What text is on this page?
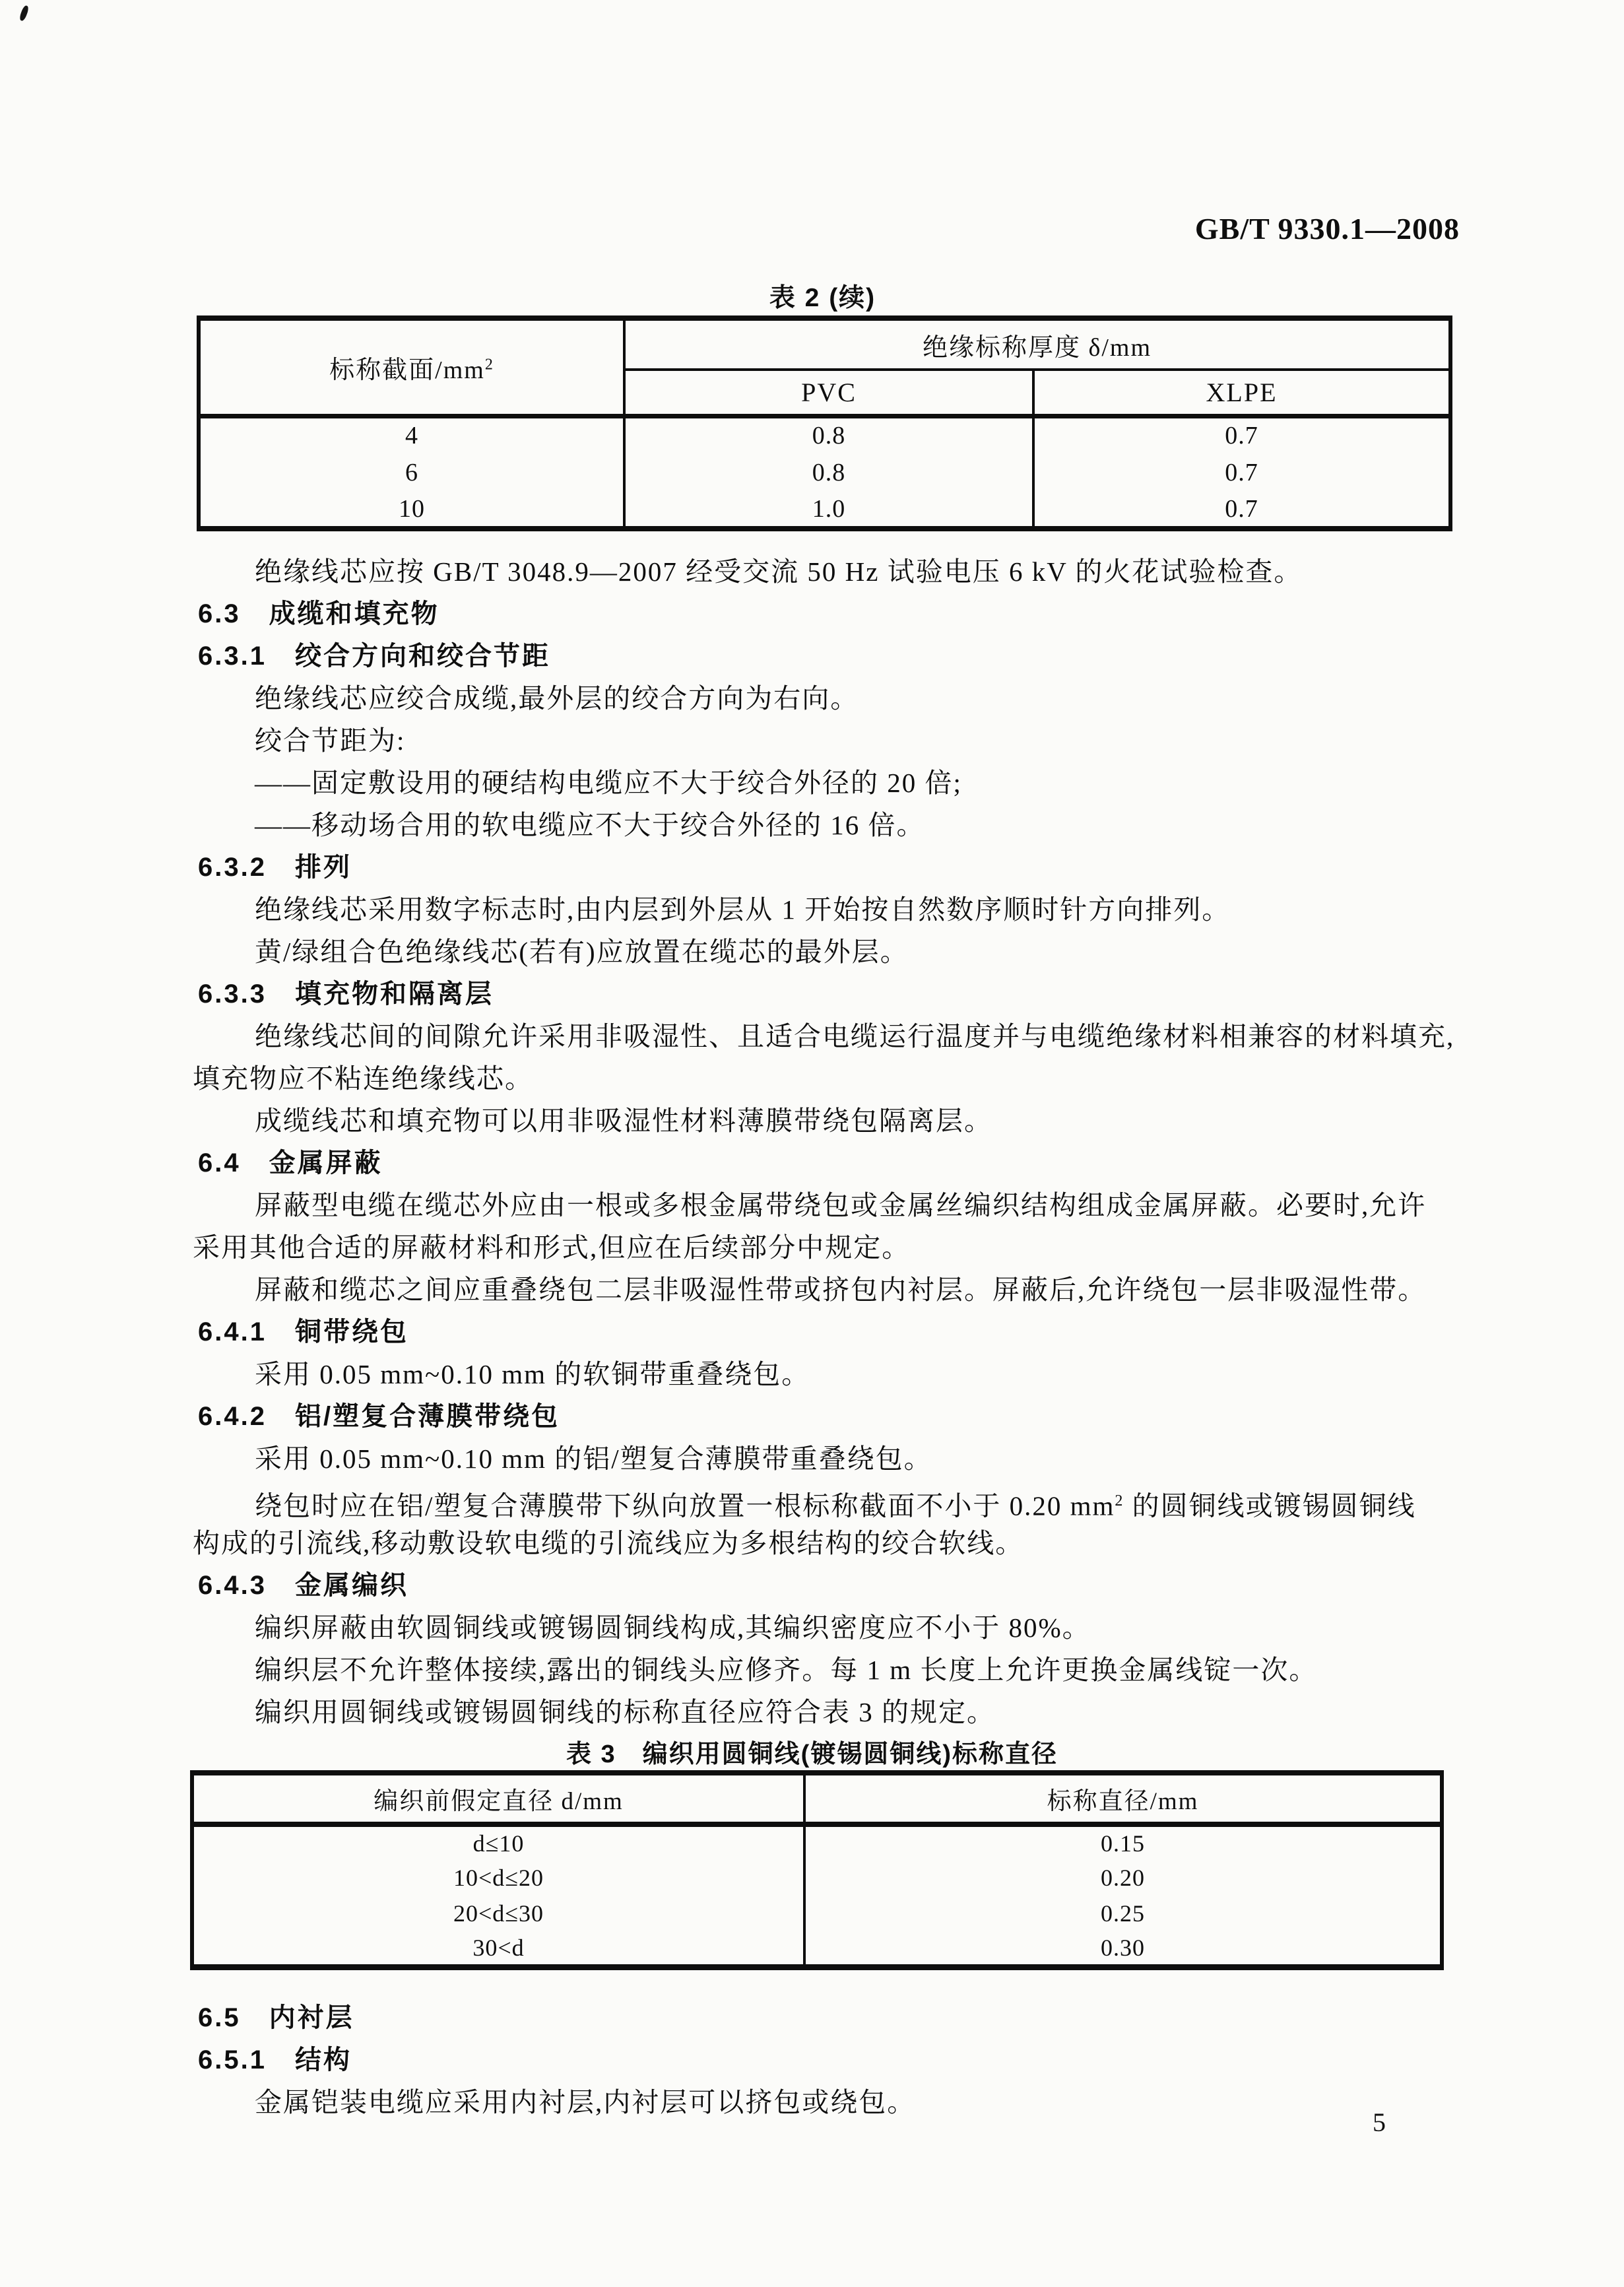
GB/T 9330.1—2008
表 2 (续)
标称截面$/mm^2$	绝缘标称厚度 δ/mm	
	PVC	XLPE
4	0.8	0.7
6	0.8	0.7
10	1.0	0.7
绝缘线芯应按 GB/T 3048.9—2007 经受交流 50 Hz 试验电压 6 kV 的火花试验检查。
6.3　成缆和填充物
6.3.1　绞合方向和绞合节距
绝缘线芯应绞合成缆,最外层的绞合方向为右向。
绞合节距为:
——固定敷设用的硬结构电缆应不大于绞合外径的 20 倍;
——移动场合用的软电缆应不大于绞合外径的 16 倍。
6.3.2　排列
绝缘线芯采用数字标志时,由内层到外层从 1 开始按自然数序顺时针方向排列。
黄/绿组合色绝缘线芯(若有)应放置在缆芯的最外层。
6.3.3　填充物和隔离层
绝缘线芯间的间隙允许采用非吸湿性、且适合电缆运行温度并与电缆绝缘材料相兼容的材料填充,
填充物应不粘连绝缘线芯。
成缆线芯和填充物可以用非吸湿性材料薄膜带绕包隔离层。
6.4　金属屏蔽
屏蔽型电缆在缆芯外应由一根或多根金属带绕包或金属丝编织结构组成金属屏蔽。必要时,允许
采用其他合适的屏蔽材料和形式,但应在后续部分中规定。
屏蔽和缆芯之间应重叠绕包二层非吸湿性带或挤包内衬层。屏蔽后,允许绕包一层非吸湿性带。
6.4.1　铜带绕包
采用 0.05 mm~0.10 mm 的软铜带重叠绕包。
6.4.2　铝/塑复合薄膜带绕包
采用 0.05 mm~0.10 mm 的铝/塑复合薄膜带重叠绕包。
绕包时应在铝/塑复合薄膜带下纵向放置一根标称截面不小于 0.20 $mm^2$ 的圆铜线或镀锡圆铜线
构成的引流线,移动敷设软电缆的引流线应为多根结构的绞合软线。
6.4.3　金属编织
编织屏蔽由软圆铜线或镀锡圆铜线构成,其编织密度应不小于 80%。
编织层不允许整体接续,露出的铜线头应修齐。每 1 m 长度上允许更换金属线锭一次。
编织用圆铜线或镀锡圆铜线的标称直径应符合表 3 的规定。
表 3　编织用圆铜线(镀锡圆铜线)标称直径
编织前假定直径 d/mm	标称直径/mm
d≤10	0.15
10<d≤20	0.20
20<d≤30	0.25
30<d	0.30
6.5　内衬层
6.5.1　结构
金属铠装电缆应采用内衬层,内衬层可以挤包或绕包。
5
